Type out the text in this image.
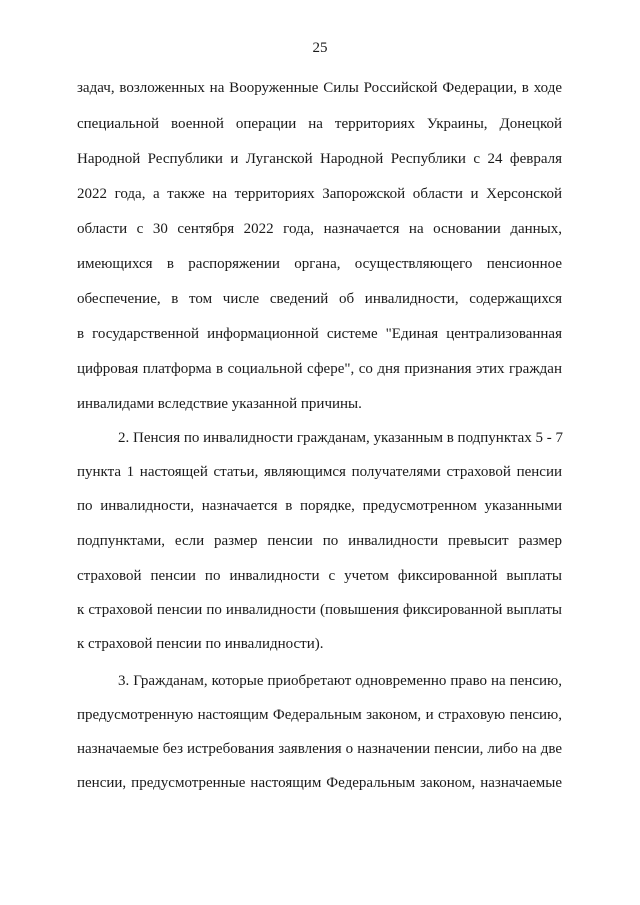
25
задач, возложенных на Вооруженные Силы Российской Федерации, в ходе
специальной военной операции на территориях Украины, Донецкой
Народной Республики и Луганской Народной Республики с 24 февраля
2022 года, а также на территориях Запорожской области и Херсонской
области с 30 сентября 2022 года, назначается на основании данных,
имеющихся в распоряжении органа, осуществляющего пенсионное
обеспечение, в том числе сведений об инвалидности, содержащихся
в государственной информационной системе "Единая централизованная
цифровая платформа в социальной сфере", со дня признания этих граждан
инвалидами вследствие указанной причины.
2. Пенсия по инвалидности гражданам, указанным в подпунктах 5 - 7
пункта 1 настоящей статьи, являющимся получателями страховой пенсии
по инвалидности, назначается в порядке, предусмотренном указанными
подпунктами, если размер пенсии по инвалидности превысит размер
страховой пенсии по инвалидности с учетом фиксированной выплаты
к страховой пенсии по инвалидности (повышения фиксированной выплаты
к страховой пенсии по инвалидности).
3. Гражданам, которые приобретают одновременно право на пенсию,
предусмотренную настоящим Федеральным законом, и страховую пенсию,
назначаемые без истребования заявления о назначении пенсии, либо на две
пенсии, предусмотренные настоящим Федеральным законом, назначаемые
